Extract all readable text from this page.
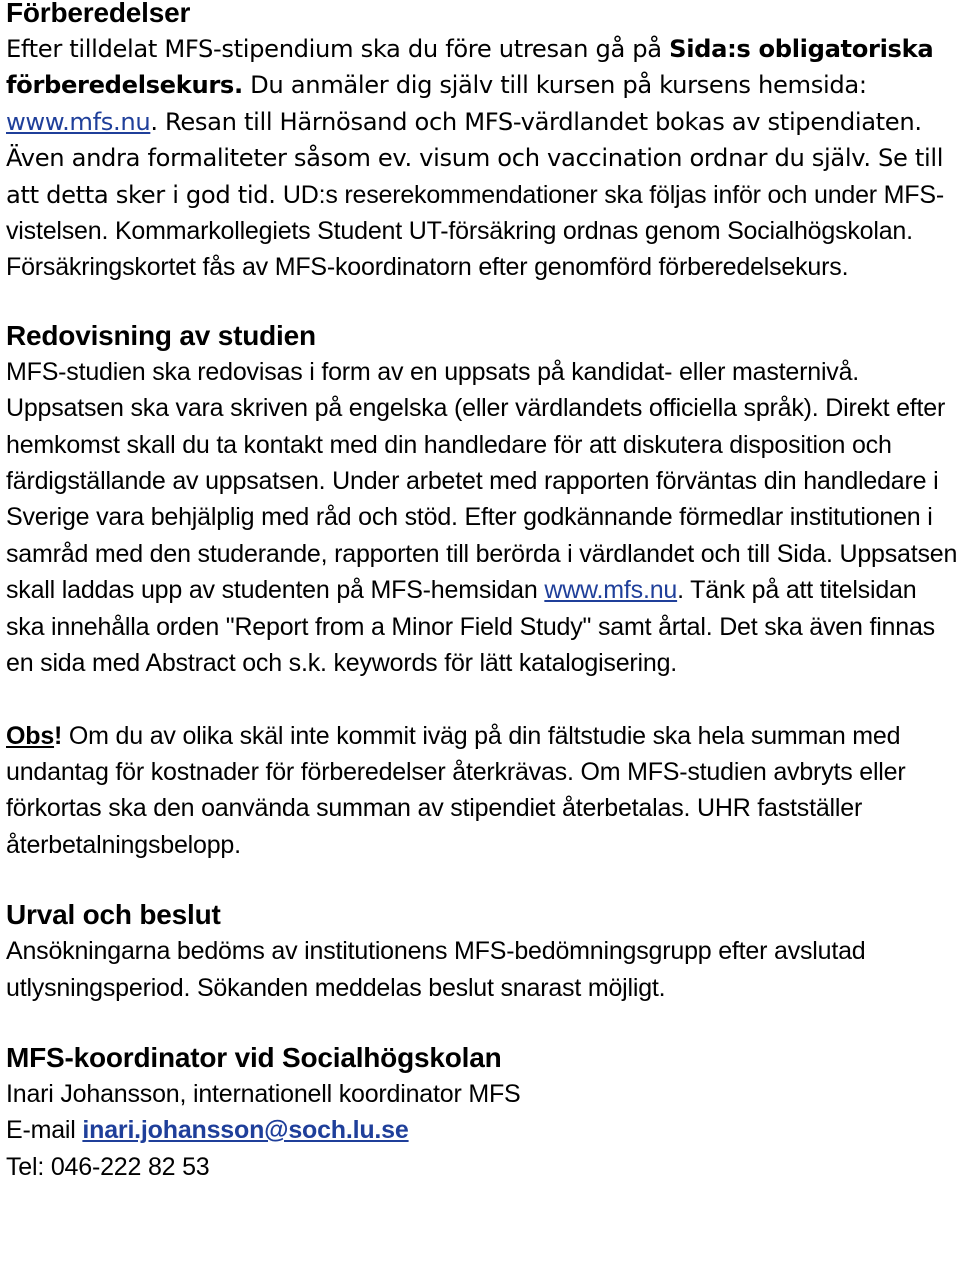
Förberedelser

Efter tilldelat MFS-stipendium ska du före utresan gå på Sida:s obligatoriska förberedelsekurs. Du anmäler dig själv till kursen på kursens hemsida: www.mfs.nu. Resan till Härnösand och MFS-värdlandet bokas av stipendiaten. Även andra formaliteter såsom ev. visum och vaccination ordnar du själv. Se till att detta sker i god tid. UD:s reserekommendationer ska följas inför och under MFS-vistelsen. Kommarkollegiets Student UT-försäkring ordnas genom Socialhögskolan. Försäkringskortet fås av MFS-koordinatorn efter genomförd förberedelsekurs.

Redovisning av studien

MFS-studien ska redovisas i form av en uppsats på kandidat- eller masternivå. Uppsatsen ska vara skriven på engelska (eller värdlandets officiella språk). Direkt efter hemkomst skall du ta kontakt med din handledare för att diskutera disposition och färdigställande av uppsatsen. Under arbetet med rapporten förväntas din handledare i Sverige vara behjälplig med råd och stöd. Efter godkännande förmedlar institutionen i samråd med den studerande, rapporten till berörda i värdlandet och till Sida. Uppsatsen skall laddas upp av studenten på MFS-hemsidan www.mfs.nu. Tänk på att titelsidan ska innehålla orden "Report from a Minor Field Study" samt årtal. Det ska även finnas en sida med Abstract och s.k. keywords för lätt katalogisering.

Obs! Om du av olika skäl inte kommit iväg på din fältstudie ska hela summan med undantag för kostnader för förberedelser återkrävas. Om MFS-studien avbryts eller förkortas ska den oanvända summan av stipendiet återbetalas. UHR fastställer återbetalningsbelopp.

Urval och beslut

Ansökningarna bedöms av institutionens MFS-bedömningsgrupp efter avslutad utlysningsperiod. Sökanden meddelas beslut snarast möjligt.

MFS-koordinator vid Socialhögskolan

Inari Johansson, internationell koordinator MFS

E-mail inari.johansson@soch.lu.se

Tel: 046-222 82 53
